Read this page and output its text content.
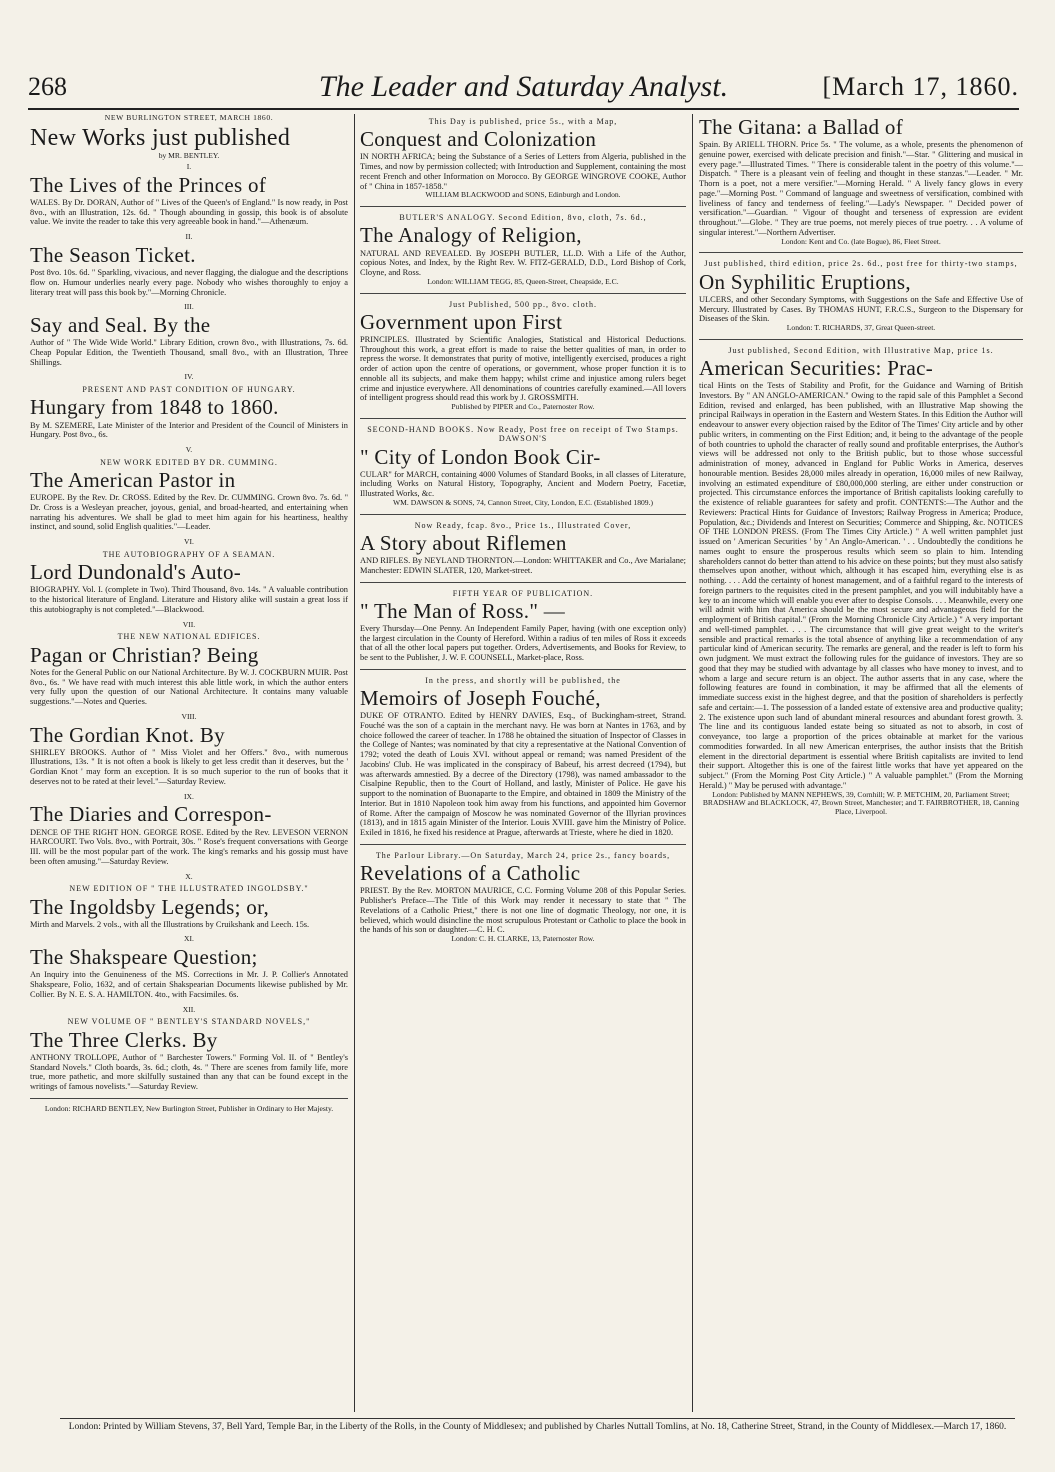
268	The Leader and Saturday Analyst.	[March 17, 1860.
NEW BURLINGTON STREET, MARCH 1860.
New Works just published
by MR. BENTLEY.
I.
The Lives of the Princes of
WALES. By Dr. DORAN, Author of " Lives of the Queen's of England." Is now ready, in Post 8vo., with an Illustration, 12s. 6d. " Though abounding in gossip, this book is of absolute value. We invite the reader to take this very agreeable book in hand."—Athenæum.
II.
The Season Ticket.
Post 8vo. 10s. 6d. " Sparkling, vivacious, and never flagging, the dialogue and the descriptions flow on. Humour underlies nearly every page. Nobody who wishes thoroughly to enjoy a literary treat will pass this book by."—Morning Chronicle.
III.
Say and Seal. By the
Author of " The Wide Wide World." Library Edition, crown 8vo., with Illustrations, 7s. 6d. Cheap Popular Edition, the Twentieth Thousand, small 8vo., with an Illustration, Three Shillings.
IV.
PRESENT AND PAST CONDITION OF HUNGARY.
Hungary from 1848 to 1860.
By M. SZEMERE, Late Minister of the Interior and President of the Council of Ministers in Hungary. Post 8vo., 6s.
V.
NEW WORK EDITED BY DR. CUMMING.
The American Pastor in
EUROPE. By the Rev. Dr. CROSS. Edited by the Rev. Dr. CUMMING. Crown 8vo. 7s. 6d. " Dr. Cross is a Wesleyan preacher, joyous, genial, and broad-hearted, and entertaining when narrating his adventures. We shall be glad to meet him again for his heartiness, healthy instinct, and sound, solid English qualities."—Leader.
VI.
THE AUTOBIOGRAPHY OF A SEAMAN.
Lord Dundonald's Auto-
BIOGRAPHY. Vol. I. (complete in Two). Third Thousand, 8vo. 14s. " A valuable contribution to the historical literature of England. Literature and History alike will sustain a great loss if this autobiography is not completed."—Blackwood.
VII.
THE NEW NATIONAL EDIFICES.
Pagan or Christian? Being
Notes for the General Public on our National Architecture. By W. J. COCKBURN MUIR. Post 8vo., 6s. " We have read with much interest this able little work, in which the author enters very fully upon the question of our National Architecture. It contains many valuable suggestions."—Notes and Queries.
VIII.
The Gordian Knot. By
SHIRLEY BROOKS. Author of " Miss Violet and her Offers." 8vo., with numerous Illustrations, 13s. " It is not often a book is likely to get less credit than it deserves, but the ' Gordian Knot ' may form an exception. It is so much superior to the run of books that it deserves not to be rated at their level."—Saturday Review.
IX.
The Diaries and Correspon-
DENCE OF THE RIGHT HON. GEORGE ROSE. Edited by the Rev. LEVESON VERNON HARCOURT. Two Vols. 8vo., with Portrait, 30s. " Rose's frequent conversations with George III. will be the most popular part of the work. The king's remarks and his gossip must have been often amusing."—Saturday Review.
X.
NEW EDITION OF " THE ILLUSTRATED INGOLDSBY."
The Ingoldsby Legends; or,
Mirth and Marvels. 2 vols., with all the Illustrations by Cruikshank and Leech. 15s.
XI.
The Shakspeare Question;
An Inquiry into the Genuineness of the MS. Corrections in Mr. J. P. Collier's Annotated Shakspeare, Folio, 1632, and of certain Shakspearian Documents likewise published by Mr. Collier. By N. E. S. A. HAMILTON. 4to., with Facsimiles. 6s.
XII.
NEW VOLUME OF " BENTLEY'S STANDARD NOVELS,"
The Three Clerks. By
ANTHONY TROLLOPE, Author of " Barchester Towers." Forming Vol. II. of " Bentley's Standard Novels." Cloth boards, 3s. 6d.; cloth, 4s. " There are scenes from family life, more true, more pathetic, and more skilfully sustained than any that can be found except in the writings of famous novelists."—Saturday Review.
London: RICHARD BENTLEY, New Burlington Street, Publisher in Ordinary to Her Majesty.
This Day is published, price 5s., with a Map,
Conquest and Colonization
IN NORTH AFRICA; being the Substance of a Series of Letters from Algeria, published in the Times, and now by permission collected; with Introduction and Supplement, containing the most recent French and other Information on Morocco. By GEORGE WINGROVE COOKE, Author of " China in 1857-1858."
WILLIAM BLACKWOOD and SONS, Edinburgh and London.
BUTLER'S ANALOGY. Second Edition, 8vo, cloth, 7s. 6d.,
The Analogy of Religion,
NATURAL AND REVEALED. By JOSEPH BUTLER, LL.D. With a Life of the Author, copious Notes, and Index, by the Right Rev. W. FITZ-GERALD, D.D., Lord Bishop of Cork, Cloyne, and Ross.
London: WILLIAM TEGG, 85, Queen-Street, Cheapside, E.C.
Just Published, 500 pp., 8vo. cloth.
Government upon First
PRINCIPLES. Illustrated by Scientific Analogies, Statistical and Historical Deductions. Throughout this work, a great effort is made to raise the better qualities of man, in order to repress the worse. It demonstrates that purity of motive, intelligently exercised, produces a right order of action upon the centre of operations, or government, whose proper function it is to ennoble all its subjects, and make them happy; whilst crime and injustice among rulers beget crime and injustice everywhere. All denominations of countries carefully examined.—All lovers of intelligent progress should read this work by J. GROSSMITH.
Published by PIPER and Co., Paternoster Row.
SECOND-HAND BOOKS. Now Ready, Post free on receipt of Two Stamps. DAWSON'S
" City of London Book Cir-
CULAR" for MARCH, containing 4000 Volumes of Standard Books, in all classes of Literature, including Works on Natural History, Topography, Ancient and Modern Poetry, Facetiæ, Illustrated Works, &c.
WM. DAWSON & SONS, 74, Cannon Street, City, London, E.C. (Established 1809.)
Now Ready, fcap. 8vo., Price 1s., Illustrated Cover,
A Story about Riflemen
AND RIFLES. By NEYLAND THORNTON.—London: WHITTAKER and Co., Ave Marialane; Manchester: EDWIN SLATER, 120, Market-street.
FIFTH YEAR OF PUBLICATION.
" The Man of Ross." —
Every Thursday—One Penny. An Independent Family Paper, having (with one exception only) the largest circulation in the County of Hereford. Within a radius of ten miles of Ross it exceeds that of all the other local papers put together. Orders, Advertisements, and Books for Review, to be sent to the Publisher, J. W. F. COUNSELL, Market-place, Ross.
In the press, and shortly will be published, the
Memoirs of Joseph Fouché,
DUKE OF OTRANTO. Edited by HENRY DAVIES, Esq., of Buckingham-street, Strand. Fouché was the son of a captain in the merchant navy. He was born at Nantes in 1763, and by choice followed the career of teacher. In 1788 he obtained the situation of Inspector of Classes in the College of Nantes; was nominated by that city a representative at the National Convention of 1792; voted the death of Louis XVI. without appeal or remand; was named President of the Jacobins' Club. He was implicated in the conspiracy of Babeuf, his arrest decreed (1794), but was afterwards amnestied. By a decree of the Directory (1798), was named ambassador to the Cisalpine Republic, then to the Court of Holland, and lastly, Minister of Police. He gave his support to the nomination of Buonaparte to the Empire, and obtained in 1809 the Ministry of the Interior. But in 1810 Napoleon took him away from his functions, and appointed him Governor of Rome. After the campaign of Moscow he was nominated Governor of the Illyrian provinces (1813), and in 1815 again Minister of the Interior. Louis XVIII. gave him the Ministry of Police. Exiled in 1816, he fixed his residence at Prague, afterwards at Trieste, where he died in 1820.
The Parlour Library.—On Saturday, March 24, price 2s., fancy boards,
Revelations of a Catholic
PRIEST. By the Rev. MORTON MAURICE, C.C. Forming Volume 208 of this Popular Series. Publisher's Preface—The Title of this Work may render it necessary to state that " The Revelations of a Catholic Priest," there is not one line of dogmatic Theology, nor one, it is believed, which would disincline the most scrupulous Protestant or Catholic to place the book in the hands of his son or daughter.—C. H. C.
London: C. H. CLARKE, 13, Paternoster Row.
The Gitana: a Ballad of
Spain. By ARIELL THORN. Price 5s. " The volume, as a whole, presents the phenomenon of genuine power, exercised with delicate precision and finish."—Star. " Glittering and musical in every page."—Illustrated Times. " There is considerable talent in the poetry of this volume."—Dispatch. " There is a pleasant vein of feeling and thought in these stanzas."—Leader. " Mr. Thorn is a poet, not a mere versifier."—Morning Herald. " A lively fancy glows in every page."—Morning Post. " Command of language and sweetness of versification, combined with liveliness of fancy and tenderness of feeling."—Lady's Newspaper. " Decided power of versification."—Guardian. " Vigour of thought and terseness of expression are evident throughout."—Globe. " They are true poems, not merely pieces of true poetry. . . A volume of singular interest."—Northern Advertiser.
London: Kent and Co. (late Bogue), 86, Fleet Street.
Just published, third edition, price 2s. 6d., post free for thirty-two stamps,
On Syphilitic Eruptions,
ULCERS, and other Secondary Symptoms, with Suggestions on the Safe and Effective Use of Mercury. Illustrated by Cases. By THOMAS HUNT, F.R.C.S., Surgeon to the Dispensary for Diseases of the Skin.
London: T. RICHARDS, 37, Great Queen-street.
Just published, Second Edition, with Illustrative Map, price 1s.
American Securities: Prac-
tical Hints on the Tests of Stability and Profit, for the Guidance and Warning of British Investors. By " AN ANGLO-AMERICAN." Owing to the rapid sale of this Pamphlet a Second Edition, revised and enlarged, has been published, with an Illustrative Map showing the principal Railways in operation in the Eastern and Western States. In this Edition the Author will endeavour to answer every objection raised by the Editor of The Times' City article and by other public writers, in commenting on the First Edition; and, it being to the advantage of the people of both countries to uphold the character of really sound and profitable enterprises, the Author's views will be addressed not only to the British public, but to those whose successful administration of money, advanced in England for Public Works in America, deserves honourable mention. Besides 28,000 miles already in operation, 16,000 miles of new Railway, involving an estimated expenditure of £80,000,000 sterling, are either under construction or projected. This circumstance enforces the importance of British capitalists looking carefully to the existence of reliable guarantees for safety and profit. CONTENTS:—The Author and the Reviewers: Practical Hints for Guidance of Investors; Railway Progress in America; Produce, Population, &c.; Dividends and Interest on Securities; Commerce and Shipping, &c. NOTICES OF THE LONDON PRESS. (From The Times City Article.) " A well written pamphlet just issued on ' American Securities ' by ' An Anglo-American. ' . . Undoubtedly the conditions he names ought to ensure the prosperous results which seem so plain to him. Intending shareholders cannot do better than attend to his advice on these points; but they must also satisfy themselves upon another, without which, although it has escaped him, everything else is as nothing. . . . Add the certainty of honest management, and of a faithful regard to the interests of foreign partners to the requisites cited in the present pamphlet, and you will indubitably have a key to an income which will enable you ever after to despise Consols. . . . Meanwhile, every one will admit with him that America should be the most secure and advantageous field for the employment of British capital." (From the Morning Chronicle City Article.) " A very important and well-timed pamphlet. . . . The circumstance that will give great weight to the writer's sensible and practical remarks is the total absence of anything like a recommendation of any particular kind of American security. The remarks are general, and the reader is left to form his own judgment. We must extract the following rules for the guidance of investors. They are so good that they may be studied with advantage by all classes who have money to invest, and to whom a large and secure return is an object. The author asserts that in any case, where the following features are found in combination, it may be affirmed that all the elements of immediate success exist in the highest degree, and that the position of shareholders is perfectly safe and certain:—1. The possession of a landed estate of extensive area and productive quality; 2. The existence upon such land of abundant mineral resources and abundant forest growth. 3. The line and its contiguous landed estate being so situated as not to absorb, in cost of conveyance, too large a proportion of the prices obtainable at market for the various commodities forwarded. In all new American enterprises, the author insists that the British element in the directorial department is essential where British capitalists are invited to lend their support. Altogether this is one of the fairest little works that have yet appeared on the subject." (From the Morning Post City Article.) " A valuable pamphlet." (From the Morning Herald.) " May be perused with advantage."
London: Published by MANN NEPHEWS, 39, Cornhill; W. P. METCHIM, 20, Parliament Street; BRADSHAW and BLACKLOCK, 47, Brown Street, Manchester; and T. FAIRBROTHER, 18, Canning Place, Liverpool.
London: Printed by William Stevens, 37, Bell Yard, Temple Bar, in the Liberty of the Rolls, in the County of Middlesex; and published by Charles Nuttall Tomlins, at No. 18, Catherine Street, Strand, in the County of Middlesex.—March 17, 1860.
